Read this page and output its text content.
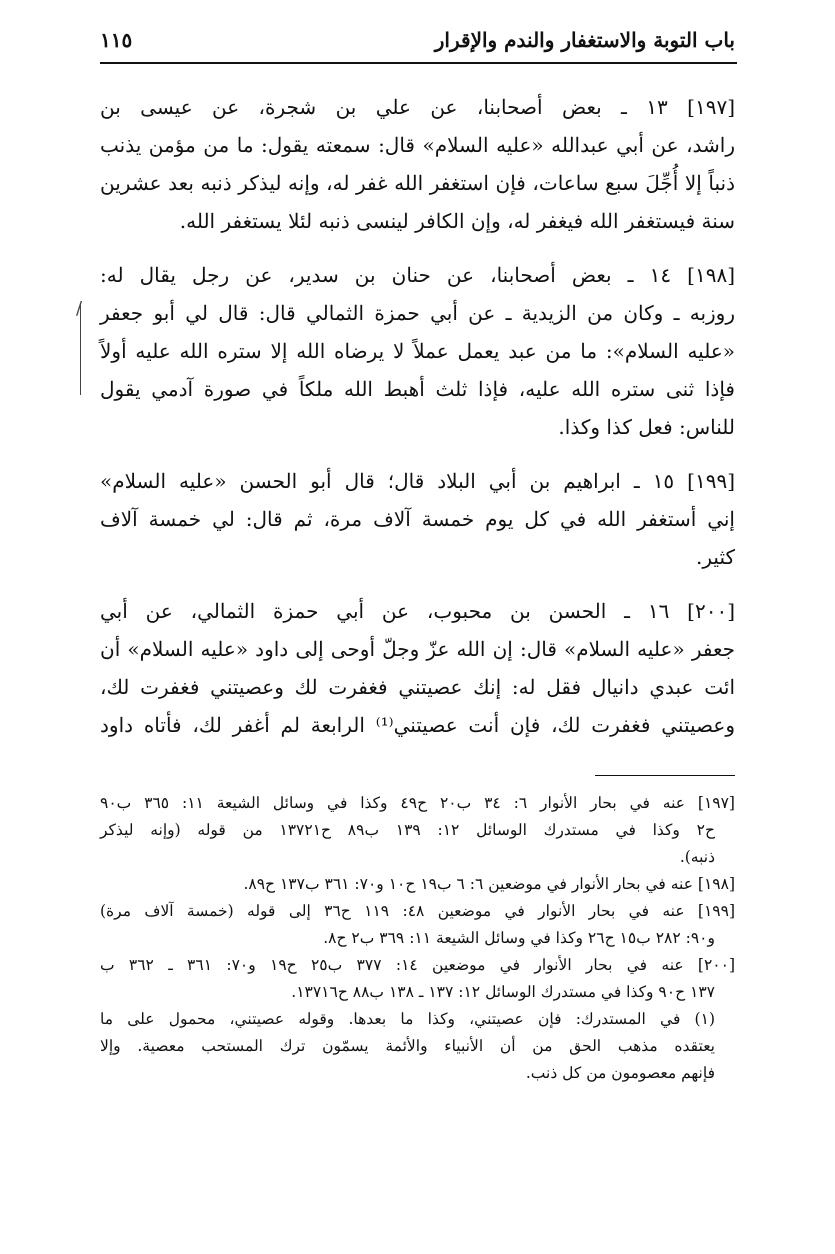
باب التوبة والاستغفار والندم والإقرار
١١٥
/
[١٩٧] ١٣ ـ بعض أصحابنا، عن علي بن شجرة، عن عيسى بن
راشد، عن أبي عبدالله «عليه السلام» قال: سمعته يقول: ما من مؤمن يذنب
ذنباً إلا أُجِّلَ سبع ساعات، فإن استغفر الله غفر له، وإنه ليذكر ذنبه بعد عشرين
سنة فيستغفر الله فيغفر له، وإن الكافر لينسى ذنبه لئلا يستغفر الله.
[١٩٨] ١٤ ـ بعض أصحابنا، عن حنان بن سدير، عن رجل يقال له:
روزبه ـ وكان من الزيدية ـ عن أبي حمزة الثمالي قال: قال لي أبو جعفر
«عليه السلام»: ما من عبد يعمل عملاً لا يرضاه الله إلا ستره الله عليه أولاً
فإذا ثنى ستره الله عليه، فإذا ثلث أهبط الله ملكاً في صورة آدمي يقول
للناس: فعل كذا وكذا.
[١٩٩] ١٥ ـ ابراهيم بن أبي البلاد قال؛ قال أبو الحسن «عليه السلام»
إني أستغفر الله في كل يوم خمسة آلاف مرة، ثم قال: لي خمسة آلاف
كثير.
[٢٠٠] ١٦ ـ الحسن بن محبوب، عن أبي حمزة الثمالي، عن أبي
جعفر «عليه السلام» قال: إن الله عزّ وجلّ أوحى إلى داود «عليه السلام» أن
ائت عبدي دانيال فقل له: إنك عصيتني فغفرت لك وعصيتني فغفرت لك،
وعصيتني فغفرت لك، فإن أنت عصيتني⁽¹⁾ الرابعة لم أغفر لك، فأتاه داود
[١٩٧] عنه في بحار الأنوار ٦: ٣٤ ب٢٠ ح٤٩ وكذا في وسائل الشيعة ١١: ٣٦٥ ب٩٠
ح٢ وكذا في مستدرك الوسائل ١٢: ١٣٩ ب٨٩ ح١٣٧٢١ من قوله (وإنه ليذكر
ذنبه).
[١٩٨] عنه في بحار الأنوار في موضعين ٦: ٦ ب١٩ ح١٠ و٧٠: ٣٦١ ب١٣٧ ح٨٩.
[١٩٩] عنه في بحار الأنوار في موضعين ٤٨: ١١٩ ح٣٦ إلى قوله (خمسة آلاف مرة)
و٩٠: ٢٨٢ ب١٥ ح٢٦ وكذا في وسائل الشيعة ١١: ٣٦٩ ب٢ ح٨.
[٢٠٠] عنه في بحار الأنوار في موضعين ١٤: ٣٧٧ ب٢٥ ح١٩ و٧٠: ٣٦١ ـ ٣٦٢ ب
١٣٧ ح٩٠ وكذا في مستدرك الوسائل ١٢: ١٣٧ ـ ١٣٨ ب٨٨ ح١٣٧١٦.
(١) في المستدرك: فإن عصيتني، وكذا ما بعدها. وقوله عصيتني، محمول على ما
يعتقده مذهب الحق من أن الأنبياء والأئمة يسمّون ترك المستحب معصية. وإلا
فإنهم معصومون من كل ذنب.
